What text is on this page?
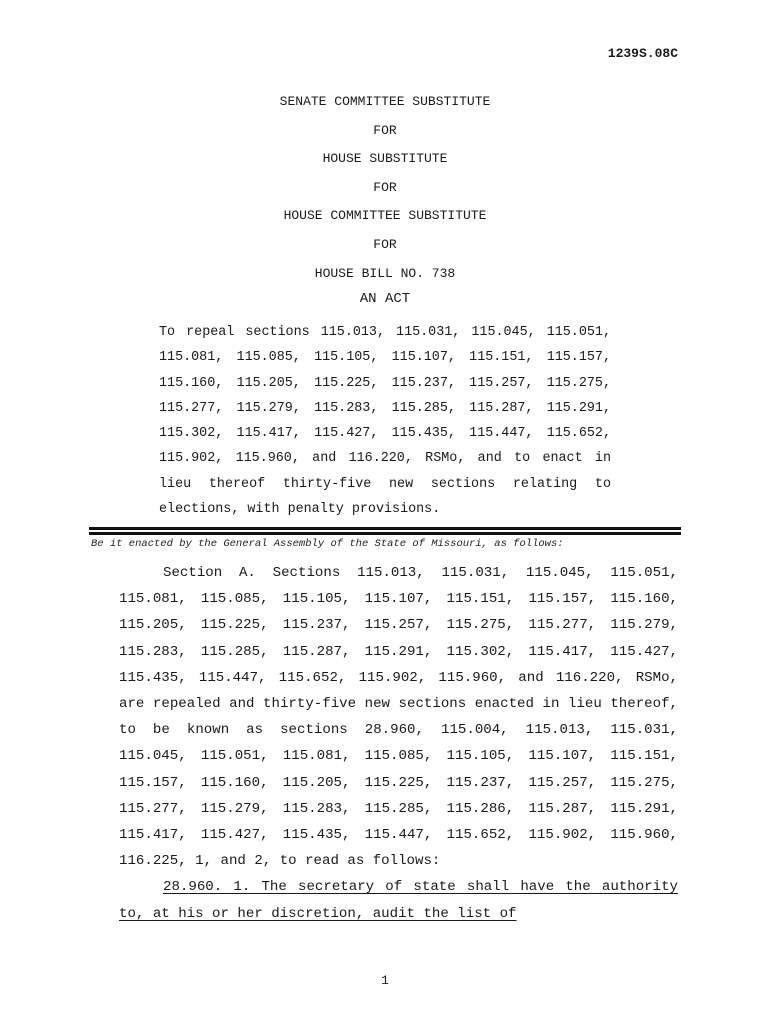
1239S.08C
SENATE COMMITTEE SUBSTITUTE
FOR
HOUSE SUBSTITUTE
FOR
HOUSE COMMITTEE SUBSTITUTE
FOR
HOUSE BILL NO. 738
AN ACT
To repeal sections 115.013, 115.031, 115.045, 115.051, 115.081, 115.085, 115.105, 115.107, 115.151, 115.157, 115.160, 115.205, 115.225, 115.237, 115.257, 115.275, 115.277, 115.279, 115.283, 115.285, 115.287, 115.291, 115.302, 115.417, 115.427, 115.435, 115.447, 115.652, 115.902, 115.960, and 116.220, RSMo, and to enact in lieu thereof thirty-five new sections relating to elections, with penalty provisions.
Be it enacted by the General Assembly of the State of Missouri, as follows:

Section A. Sections 115.013, 115.031, 115.045, 115.051, 115.081, 115.085, 115.105, 115.107, 115.151, 115.157, 115.160, 115.205, 115.225, 115.237, 115.257, 115.275, 115.277, 115.279, 115.283, 115.285, 115.287, 115.291, 115.302, 115.417, 115.427, 115.435, 115.447, 115.652, 115.902, 115.960, and 116.220, RSMo, are repealed and thirty-five new sections enacted in lieu thereof, to be known as sections 28.960, 115.004, 115.013, 115.031, 115.045, 115.051, 115.081, 115.085, 115.105, 115.107, 115.151, 115.157, 115.160, 115.205, 115.225, 115.237, 115.257, 115.275, 115.277, 115.279, 115.283, 115.285, 115.286, 115.287, 115.291, 115.417, 115.427, 115.435, 115.447, 115.652, 115.902, 115.960, 116.225, 1, and 2, to read as follows:

28.960. 1. The secretary of state shall have the authority to, at his or her discretion, audit the list of

1
